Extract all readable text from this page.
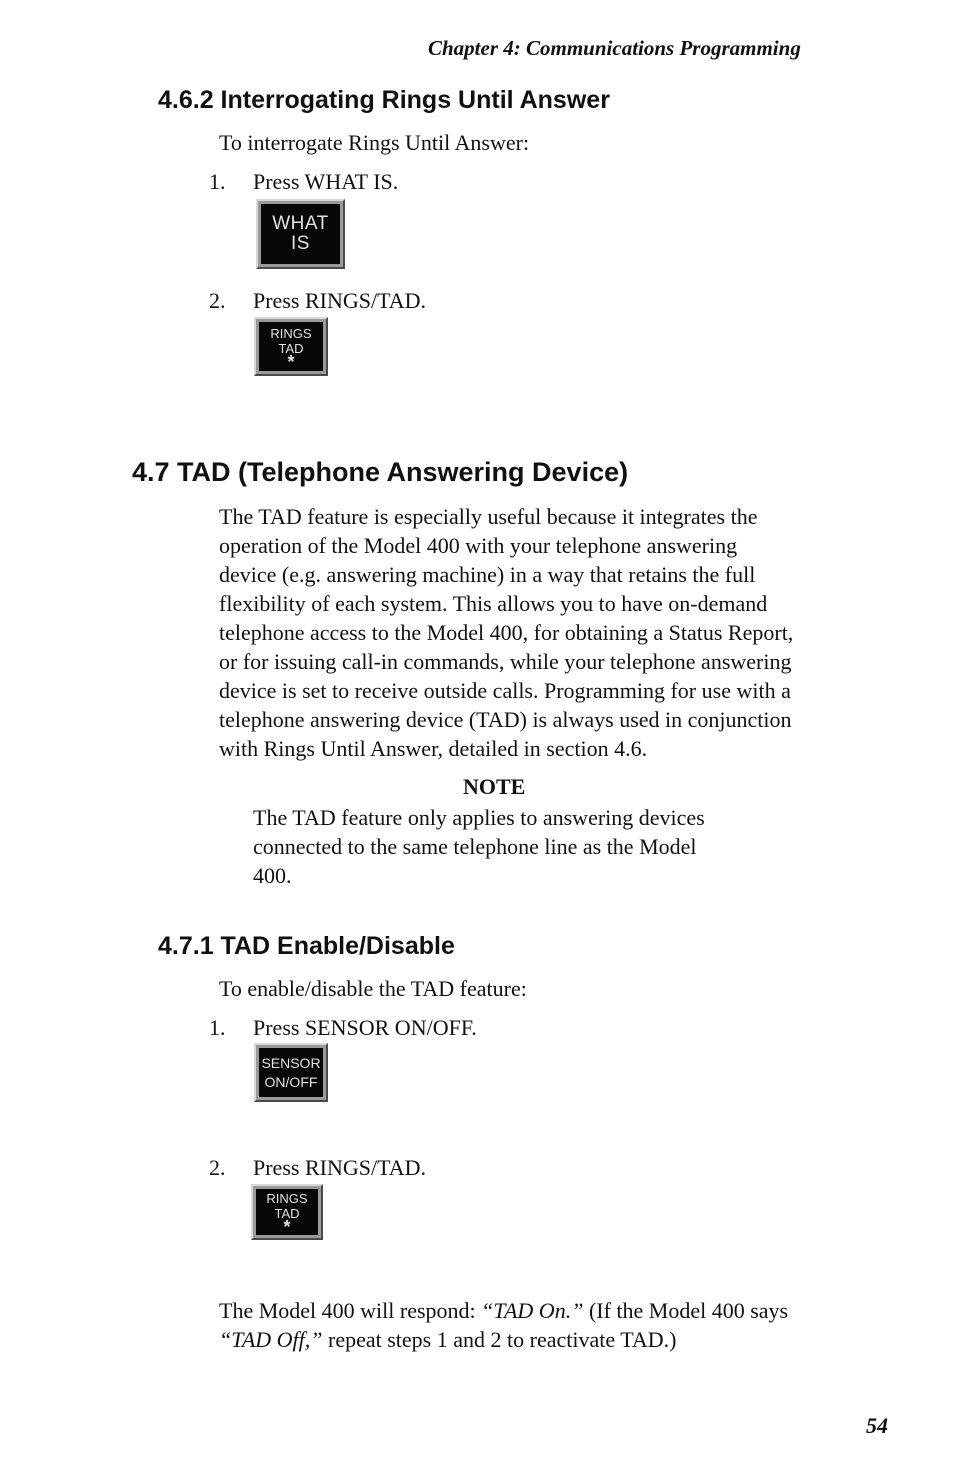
Chapter 4: Communications Programming
4.6.2 Interrogating Rings Until Answer
To interrogate Rings Until Answer:
1. Press WHAT IS.
WHAT
IS
2. Press RINGS/TAD.
RINGS
TAD
*
4.7 TAD (Telephone Answering Device)
The TAD feature is especially useful because it integrates the
operation of the Model 400 with your telephone answering
device (e.g. answering machine) in a way that retains the full
flexibility of each system. This allows you to have on-demand
telephone access to the Model 400, for obtaining a Status Report,
or for issuing call-in commands, while your telephone answering
device is set to receive outside calls. Programming for use with a
telephone answering device (TAD) is always used in conjunction
with Rings Until Answer, detailed in section 4.6.
NOTE
The TAD feature only applies to answering devices
connected to the same telephone line as the Model
400.
4.7.1 TAD Enable/Disable
To enable/disable the TAD feature:
1. Press SENSOR ON/OFF.
SENSOR
ON/OFF
2. Press RINGS/TAD.
RINGS
TAD
*
The Model 400 will respond: “TAD On.” (If the Model 400 says
“TAD Off,” repeat steps 1 and 2 to reactivate TAD.)
54
